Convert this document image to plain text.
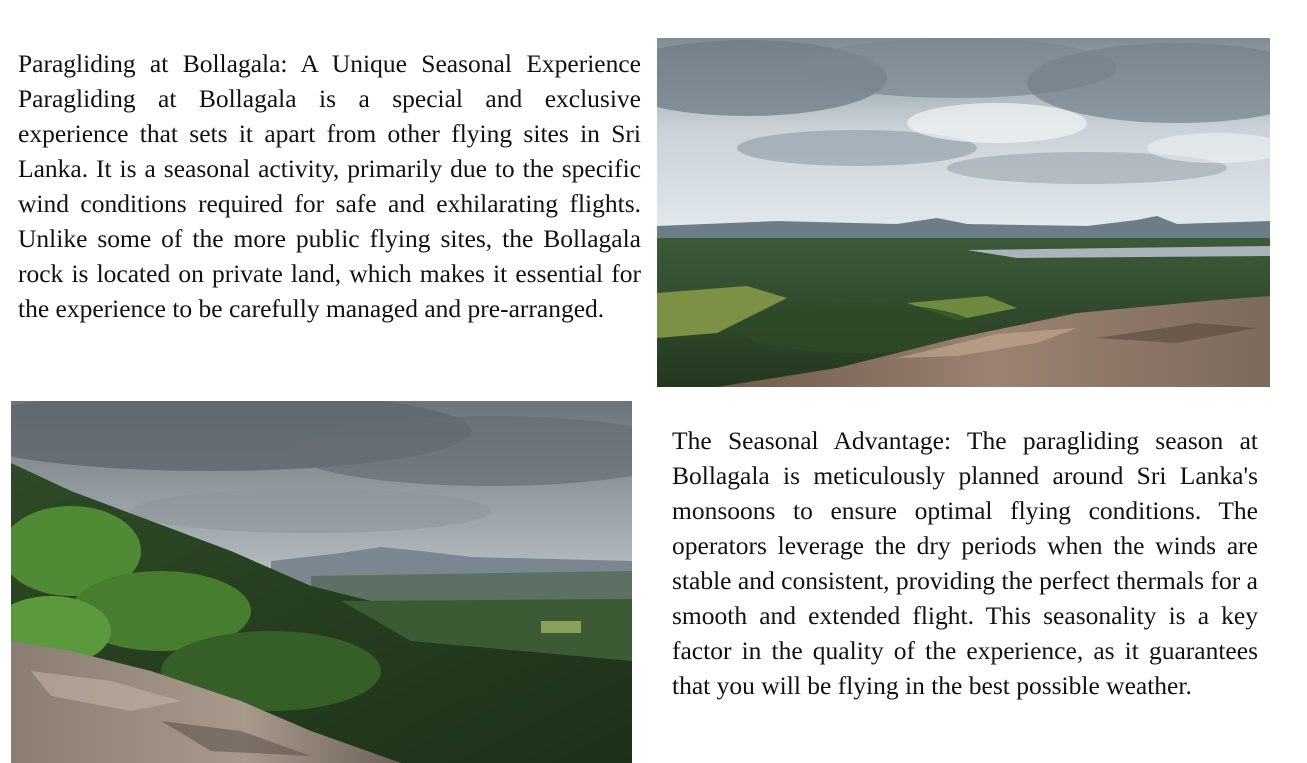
Paragliding at Bollagala: A Unique Seasonal Experience Paragliding at Bollagala is a special and exclusive experience that sets it apart from other flying sites in Sri Lanka. It is a seasonal activity, primarily due to the specific wind conditions required for safe and exhilarating flights. Unlike some of the more public flying sites, the Bollagala rock is located on private land, which makes it essential for the experience to be carefully managed and pre-arranged.

The Seasonal Advantage: The paragliding season at Bollagala is meticulously planned around Sri Lanka's monsoons to ensure optimal flying conditions. The operators leverage the dry periods when the winds are stable and consistent, providing the perfect thermals for a smooth and extended flight. This seasonality is a key factor in the quality of the experience, as it guarantees that you will be flying in the best possible weather.
